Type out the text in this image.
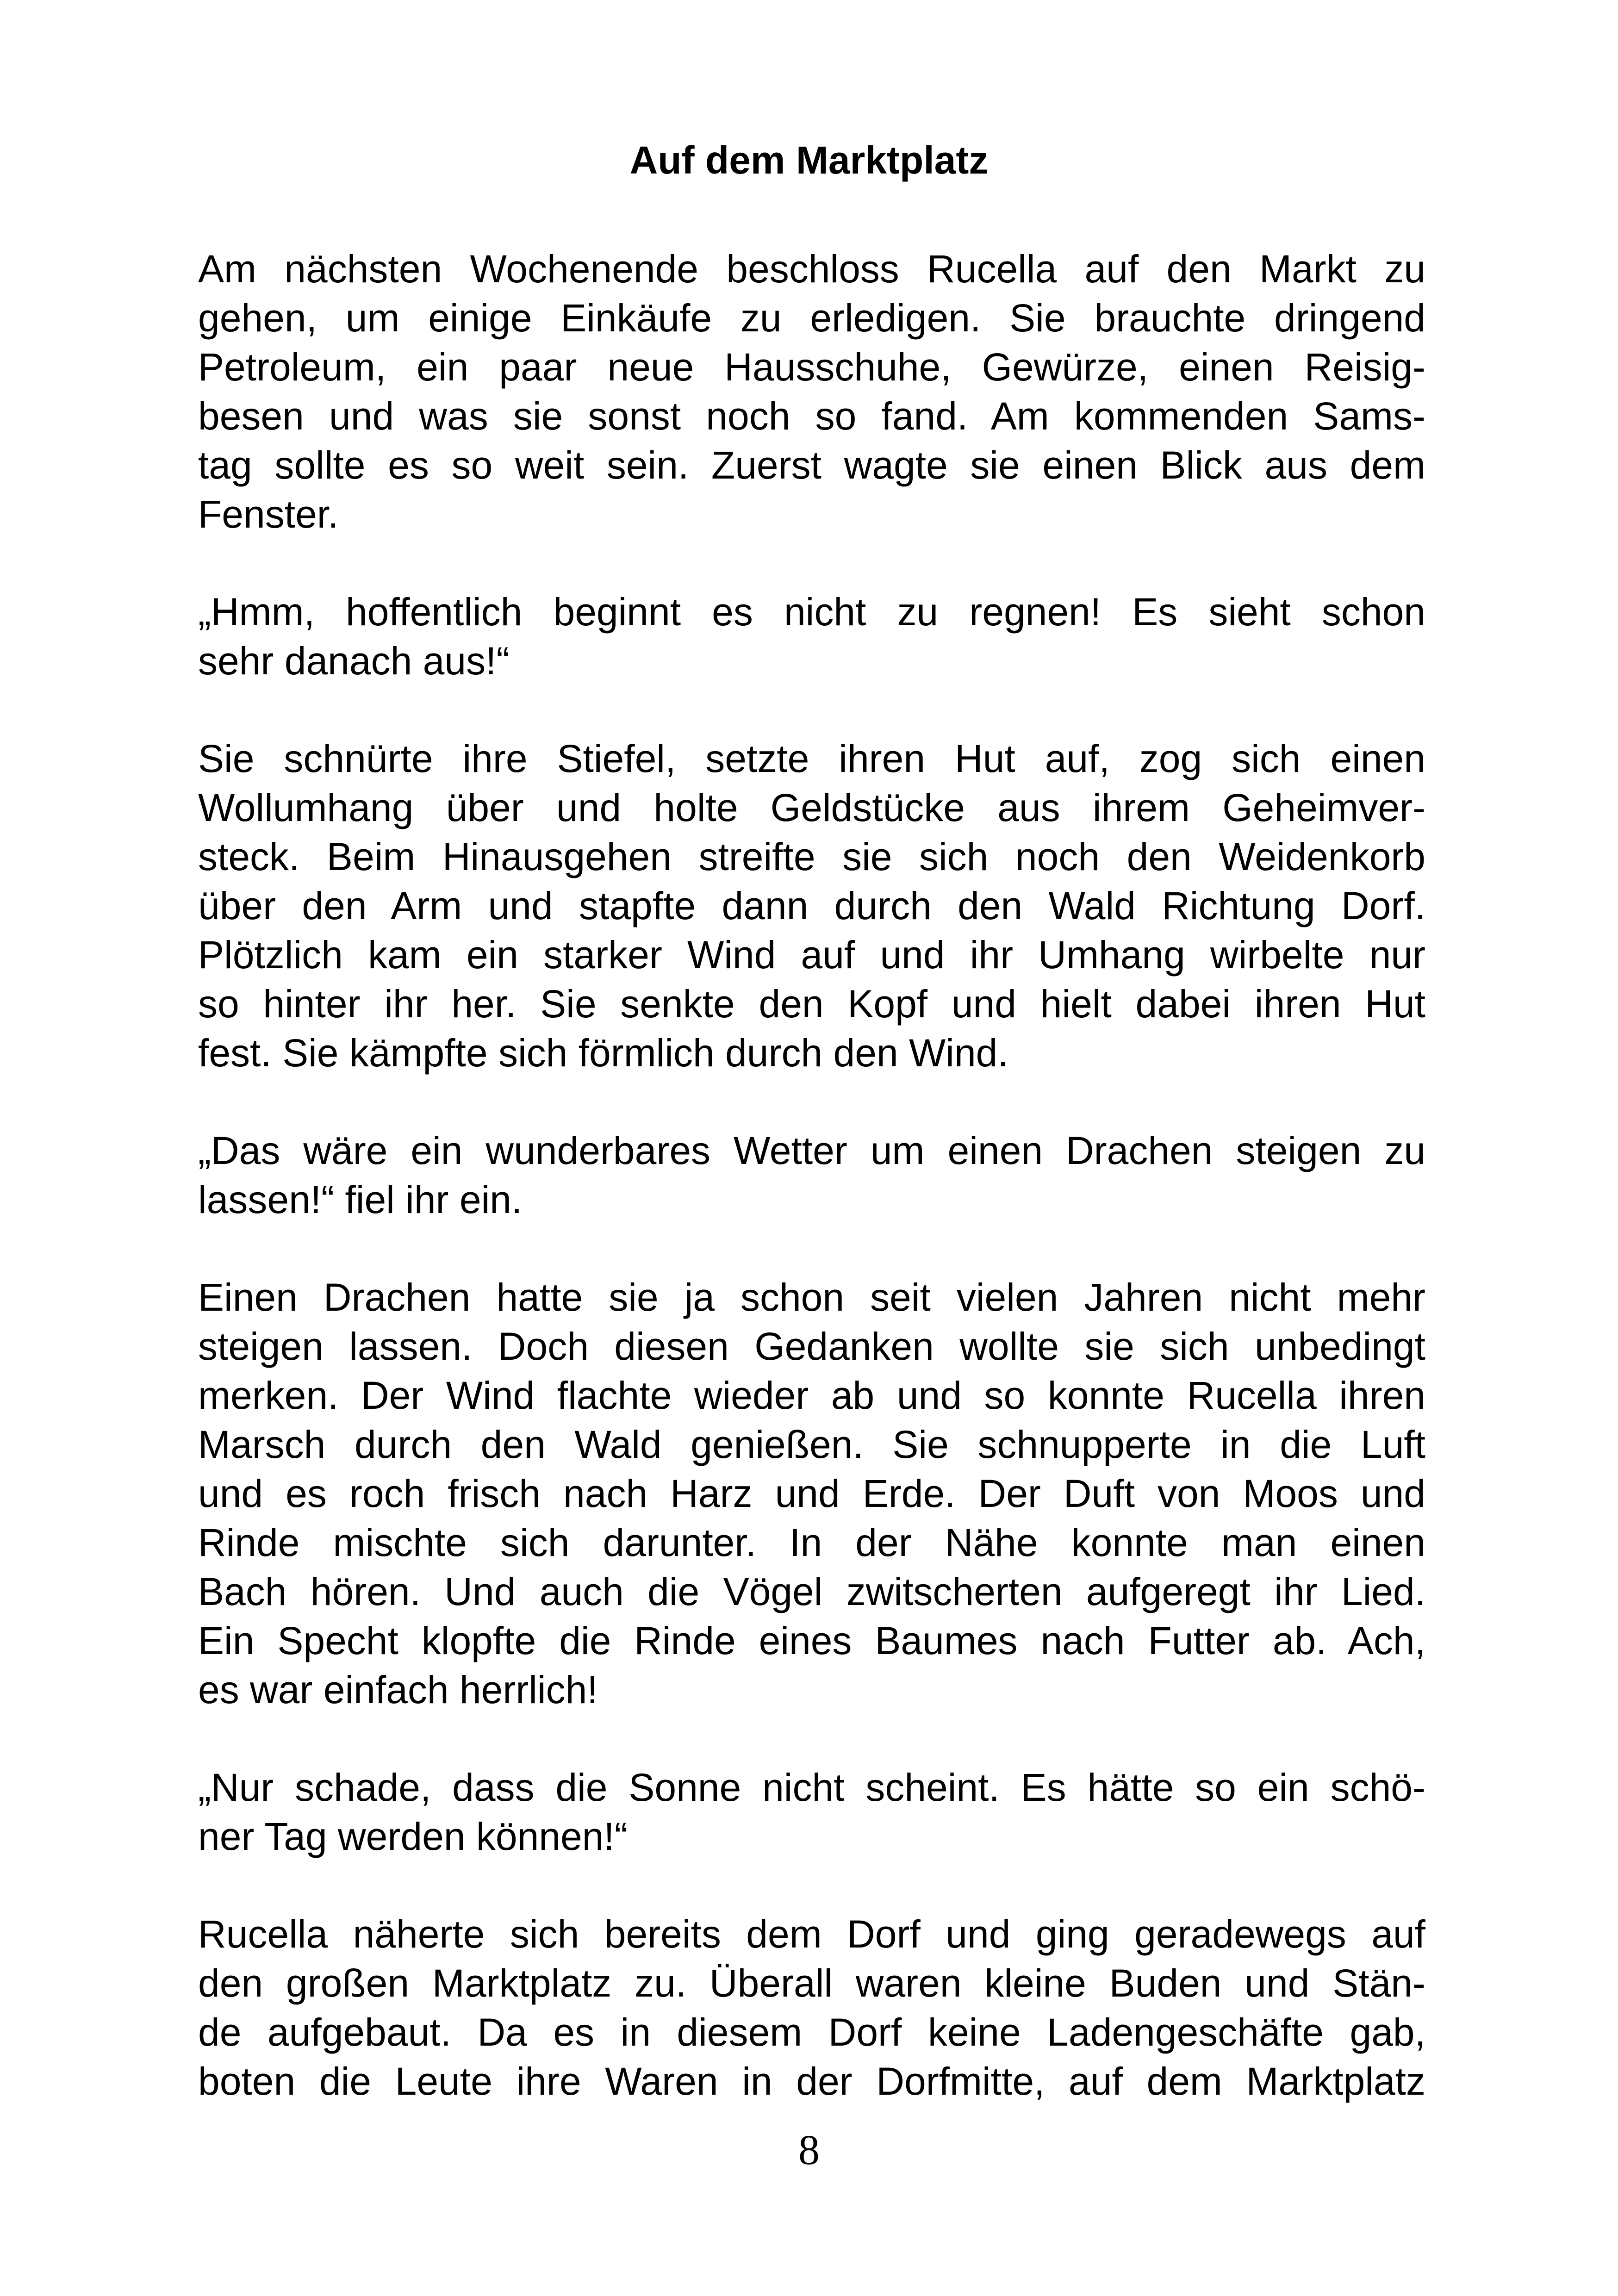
Auf dem Marktplatz

Am nächsten Wochenende beschloss Rucella auf den Markt zu
gehen, um einige Einkäufe zu erledigen. Sie brauchte dringend
Petroleum, ein paar neue Hausschuhe, Gewürze, einen Reisig-
besen und was sie sonst noch so fand. Am kommenden Sams-
tag sollte es so weit sein. Zuerst wagte sie einen Blick aus dem
Fenster.

„Hmm, hoffentlich beginnt es nicht zu regnen! Es sieht schon
sehr danach aus!“

Sie schnürte ihre Stiefel, setzte ihren Hut auf, zog sich einen
Wollumhang über und holte Geldstücke aus ihrem Geheimver-
steck. Beim Hinausgehen streifte sie sich noch den Weidenkorb
über den Arm und stapfte dann durch den Wald Richtung Dorf.
Plötzlich kam ein starker Wind auf und ihr Umhang wirbelte nur
so hinter ihr her. Sie senkte den Kopf und hielt dabei ihren Hut
fest. Sie kämpfte sich förmlich durch den Wind.

„Das wäre ein wunderbares Wetter um einen Drachen steigen zu
lassen!“ fiel ihr ein.

Einen Drachen hatte sie ja schon seit vielen Jahren nicht mehr
steigen lassen. Doch diesen Gedanken wollte sie sich unbedingt
merken. Der Wind flachte wieder ab und so konnte Rucella ihren
Marsch durch den Wald genießen. Sie schnupperte in die Luft
und es roch frisch nach Harz und Erde. Der Duft von Moos und
Rinde mischte sich darunter. In der Nähe konnte man einen
Bach hören. Und auch die Vögel zwitscherten aufgeregt ihr Lied.
Ein Specht klopfte die Rinde eines Baumes nach Futter ab. Ach,
es war einfach herrlich!

„Nur schade, dass die Sonne nicht scheint. Es hätte so ein schö-
ner Tag werden können!“

Rucella näherte sich bereits dem Dorf und ging geradewegs auf
den großen Marktplatz zu. Überall waren kleine Buden und Stän-
de aufgebaut. Da es in diesem Dorf keine Ladengeschäfte gab,
boten die Leute ihre Waren in der Dorfmitte, auf dem Marktplatz

8
